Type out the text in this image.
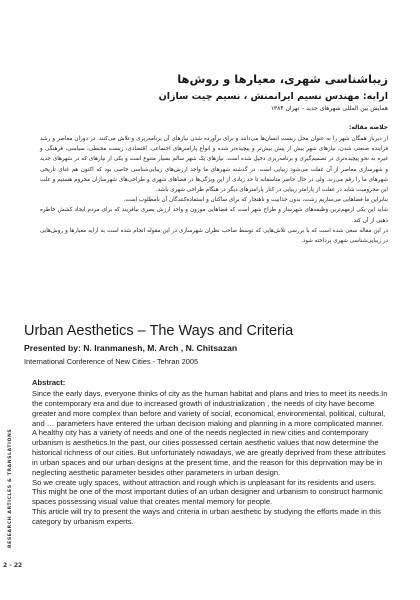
زیباشناسی شهری، معیارها و روش‌ها
ارایه: مهندس نسیم ایرانمنش ، نسیم چیت سازان
همایش بین المللی شهرهای جدید – تهران ۱۳۸۴
خلاصه مقاله:

از دیرباز همگان شهر را به عنوان محل زیست انسان‌ها می‌دانند و برای برآورده شدن نیازهای آن برنامه‌ریزی و تلاش می‌کنند. در دوران معاصر و رشد فزاینده صنعتی شدن، نیازهای شهر بیش از پیش بیش‌تر و پیچیده‌تر شده و انواع پارامترهای اجتماعی، اقتصادی، زیست محیطی، سیاسی، فرهنگی و غیره به نحو پیچیده‌تری در تصمیم‌گیری و برنامه‌ریزی دخیل شده است. نیازهای یک شهر سالم بسیار متنوع است و یکی از نیازهای که در شهرهای جدید و شهرسازی معاصر از آن غفلت می‌شود زیبایی است. در گذشته شهرهای ما واجد ارزش‌های زیبایی‌شناسی خاصی بود که اکنون هم غنای تاریخی شهرهای ما را رقم می‌زند. ولی در حال حاضر متاسفانه تا حد زیادی از این ویژگی‌ها در فضاهای شهری و طراحی‌های شهرسازان محروم هستیم و علت این محرومیت شاید در غفلت از پارامتر زیبایی در کنار پارامترهای دیگر در هنگام طراحی شهری باشد.

بنابراین ما فضاهایی می‌سازیم زشت، بدون جذابیت و ناهنجار که برای ساکنان و استفاده‌کنندگان آن نامطلوب است.

شاید این یکی ازمهم‌ترین وظیفه‌های شهرساز و طراح شهر است که فضاهایی موزون و واجد ارزش بصری بیافریند که برای مردم ایجاد کشش خاطره ذهنی از آن کند.

در این مقاله سعی شده است که با بررسی تلاش‌هایی که توسط صاحب نظران شهرسازی در این مقوله انجام شده است به ارایه معیارها و روش‌هایی در زیبایی‌شناسی شهری پرداخته شود.

Urban Aesthetics – The Ways and Criteria
Presented by: N. Iranmanesh, M. Arch , N. Chitsazan
International Conference of New Cities - Tehran 2005
Abstract:

Since the early days, everyone thinks of city as the human habitat and plans and tries to meet its needs.In the contemporary era and due to increased growth of industrialization , the needs of city have become greater and more complex than before and variety of social, economical, environmental, political, cultural, and … parameters have entered the urban decision making and planning in a more complicated manner.

A healthy city has a variety of needs and one of the needs neglected in new cities and contemporary urbanism is aesthetics.In the past, our cities possessed certain aesthetic values that now determine the historical richness of our cities. But unfortunately nowadays, we are greatly deprived from these attributes in urban spaces and our urban designs at the present time, and the reason for this deprivation may be in neglecting aesthetic parameter besides other parameters in urban design.

So we create ugly spaces, without attraction and rough which is unpleasant for its residents and users. This might be one of the most important duties of an urban designer and urbanism to construct harmonic spaces possessing visual value that creates mental memory for people.

This article will try to present the ways and criteria in urban aesthetic by studying the efforts made in this category by urbanism experts.

RESEARCH ARTICLES & TRANSLATIONS
2 - 22
